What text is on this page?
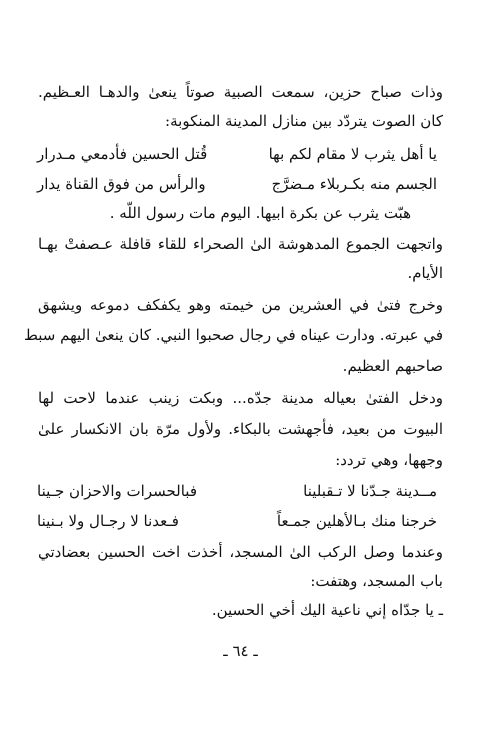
وذات صباح حزين، سمعت الصبية صوتاً ينعىٰ والدهـا العـظيم.
كان الصوت يتردّد بين منازل المدينة المنكوبة:
يا أهل يثرب لا مقام لكم بها
قُتل الحسين فأدمعي مـدرار
الجسم منه بكـربلاء مـضرَّج
والرأس من فوق القناة يدار
هبّت يثرب عن بكرة ابيها. اليوم مات رسول اللّه .
واتجهت الجموع المدهوشة الىٰ الصحراء للقاء قافلة عـصفتْ بهـا
الأيام.
وخرج فتىٰ في العشرين من خيمته وهو يكفكف دموعه ويشهق
في عبرته. ودارت عيناه في رجال صحبوا النبي. كان ينعىٰ اليهم سبط
صاحبهم العظيم.
ودخل الفتىٰ بعياله مدينة جدّه... وبكت زينب عندما لاحت لها
البيوت من بعيد، فأجهشت بالبكاء. ولأول مرّة بان الانكسار علىٰ
وجهها، وهي تردد:
مــدينة جـدّنا لا تـقبلينا
فبالحسرات والاحزان جـينا
خرجنا منك بـالأهلين جمـعاً
فـعدنا لا رجـال ولا بـنينا
وعندما وصل الركب الىٰ المسجد، أخذت اخت الحسين بعضادتي
باب المسجد، وهتفت:
ـ يا جدّاه إني ناعية اليك أخي الحسين.
ـ ٦٤ ـ
